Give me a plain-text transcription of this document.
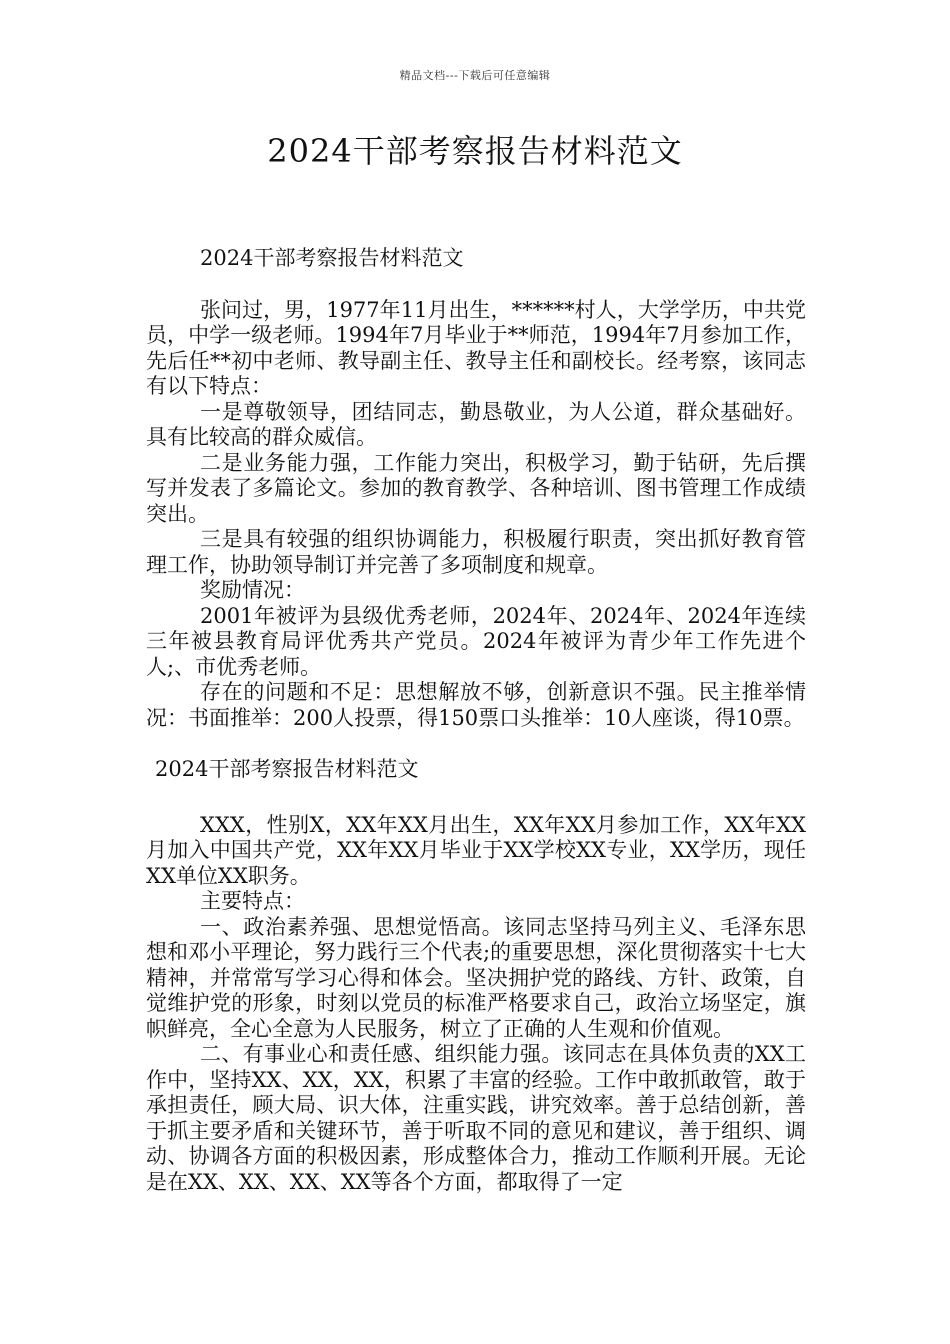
精品文档---下载后可任意编辑
2024干部考察报告材料范文
2024干部考察报告材料范文

张问过，男，1977年11月出生，******村人，大学学历，中共党员，中学一级老师。1994年7月毕业于**师范，1994年7月参加工作，先后任**初中老师、教导副主任、教导主任和副校长。经考察，该同志有以下特点：

一是尊敬领导，团结同志，勤恳敬业，为人公道，群众基础好。具有比较高的群众威信。

二是业务能力强，工作能力突出，积极学习，勤于钻研，先后撰写并发表了多篇论文。参加的教育教学、各种培训、图书管理工作成绩突出。

三是具有较强的组织协调能力，积极履行职责，突出抓好教育管理工作，协助领导制订并完善了多项制度和规章。

奖励情况：

2001年被评为县级优秀老师，2024年、2024年、2024年连续三年被县教育局评优秀共产党员。2024年被评为青少年工作先进个人;、市优秀老师。

存在的问题和不足：思想解放不够，创新意识不强。民主推举情况：书面推举：200人投票，得150票口头推举：10人座谈，得10票。

2024干部考察报告材料范文

XXX，性别X，XX年XX月出生，XX年XX月参加工作，XX年XX月加入中国共产党，XX年XX月毕业于XX学校XX专业，XX学历，现任XX单位XX职务。

主要特点：

一、政治素养强、思想觉悟高。该同志坚持马列主义、毛泽东思想和邓小平理论，努力践行三个代表;的重要思想，深化贯彻落实十七大精神，并常常写学习心得和体会。坚决拥护党的路线、方针、政策，自觉维护党的形象，时刻以党员的标准严格要求自己，政治立场坚定，旗帜鲜亮，全心全意为人民服务，树立了正确的人生观和价值观。

二、有事业心和责任感、组织能力强。该同志在具体负责的XX工作中，坚持XX、XX，XX，积累了丰富的经验。工作中敢抓敢管，敢于承担责任，顾大局、识大体，注重实践，讲究效率。善于总结创新，善于抓主要矛盾和关键环节，善于听取不同的意见和建议，善于组织、调动、协调各方面的积极因素，形成整体合力，推动工作顺利开展。无论是在XX、XX、XX、XX等各个方面，都取得了一定
